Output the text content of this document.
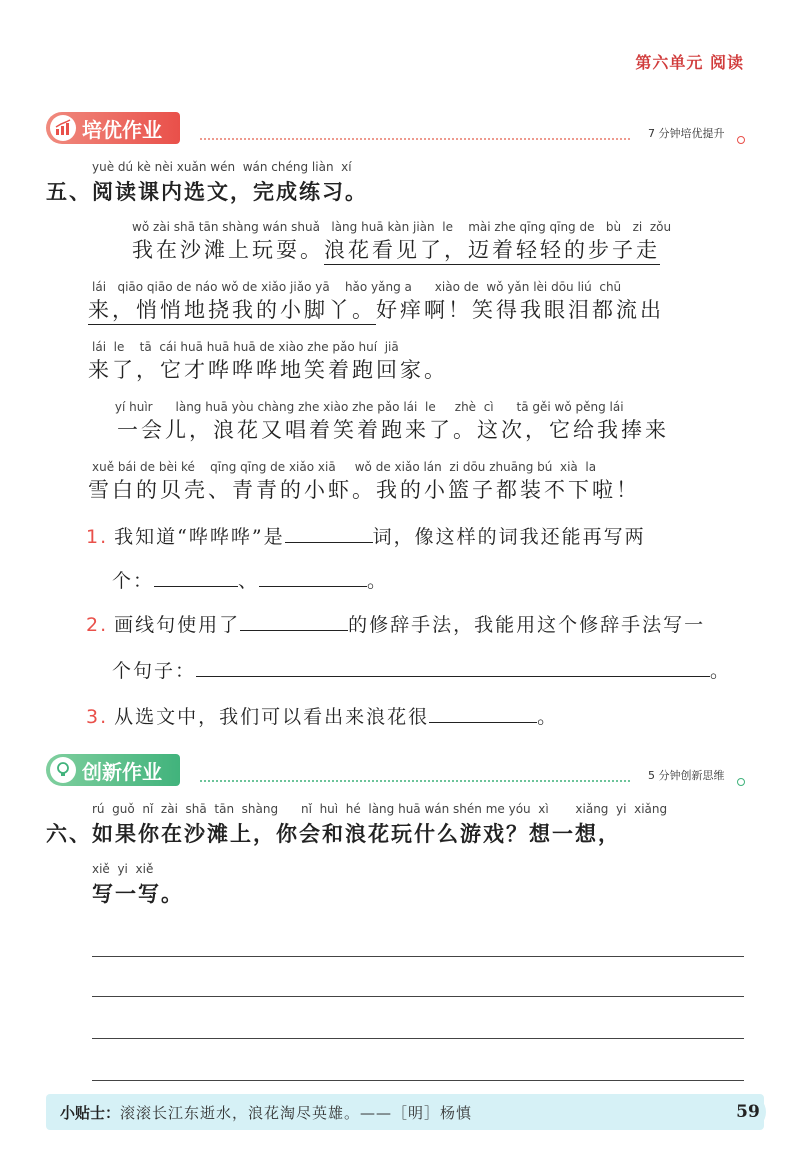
第六单元 阅读
培优作业	7 分钟培优提升
yuè dú kè nèi xuǎn wén  wán chéng liàn  xí
五、阅读课内选文，完成练习。
wǒ zài shā tān shàng wán shuǎ   làng huā kàn jiàn  le    mài zhe qīng qīng de   bù   zi  zǒu
我在沙滩上玩耍。浪花看见了，迈着轻轻的步子走
lái   qiāo qiāo de náo wǒ de xiǎo jiǎo yā    hǎo yǎng a      xiào de  wǒ yǎn lèi dōu liú  chū
来，悄悄地挠我的小脚丫。好痒啊！笑得我眼泪都流出
lái  le    tā  cái huā huā huā de xiào zhe pǎo huí  jiā
来了，它才哗哗哗地笑着跑回家。
yí huìr      làng huā yòu chàng zhe xiào zhe pǎo lái  le     zhè  cì      tā gěi wǒ pěng lái
一会儿，浪花又唱着笑着跑来了。这次，它给我捧来
xuě bái de bèi ké    qīng qīng de xiǎo xiā     wǒ de xiǎo lán  zi dōu zhuāng bú  xià  la
雪白的贝壳、青青的小虾。我的小篮子都装不下啦！
1. 我知道“哗哗哗”是	词，像这样的词我还能再写两
个：	、	。
2. 画线句使用了	的修辞手法，我能用这个修辞手法写一
个句子：	。
3. 从选文中，我们可以看出来浪花很	。
创新作业	5 分钟创新思维
rú  guǒ  nǐ  zài  shā  tān  shàng      nǐ  huì  hé  làng huā wán shén me yóu  xì       xiǎng  yi  xiǎng
六、如果你在沙滩上，你会和浪花玩什么游戏？想一想，
xiě  yi  xiě
写一写。
小贴士： 滚滚长江东逝水，浪花淘尽英雄。——［明］杨慎	59
